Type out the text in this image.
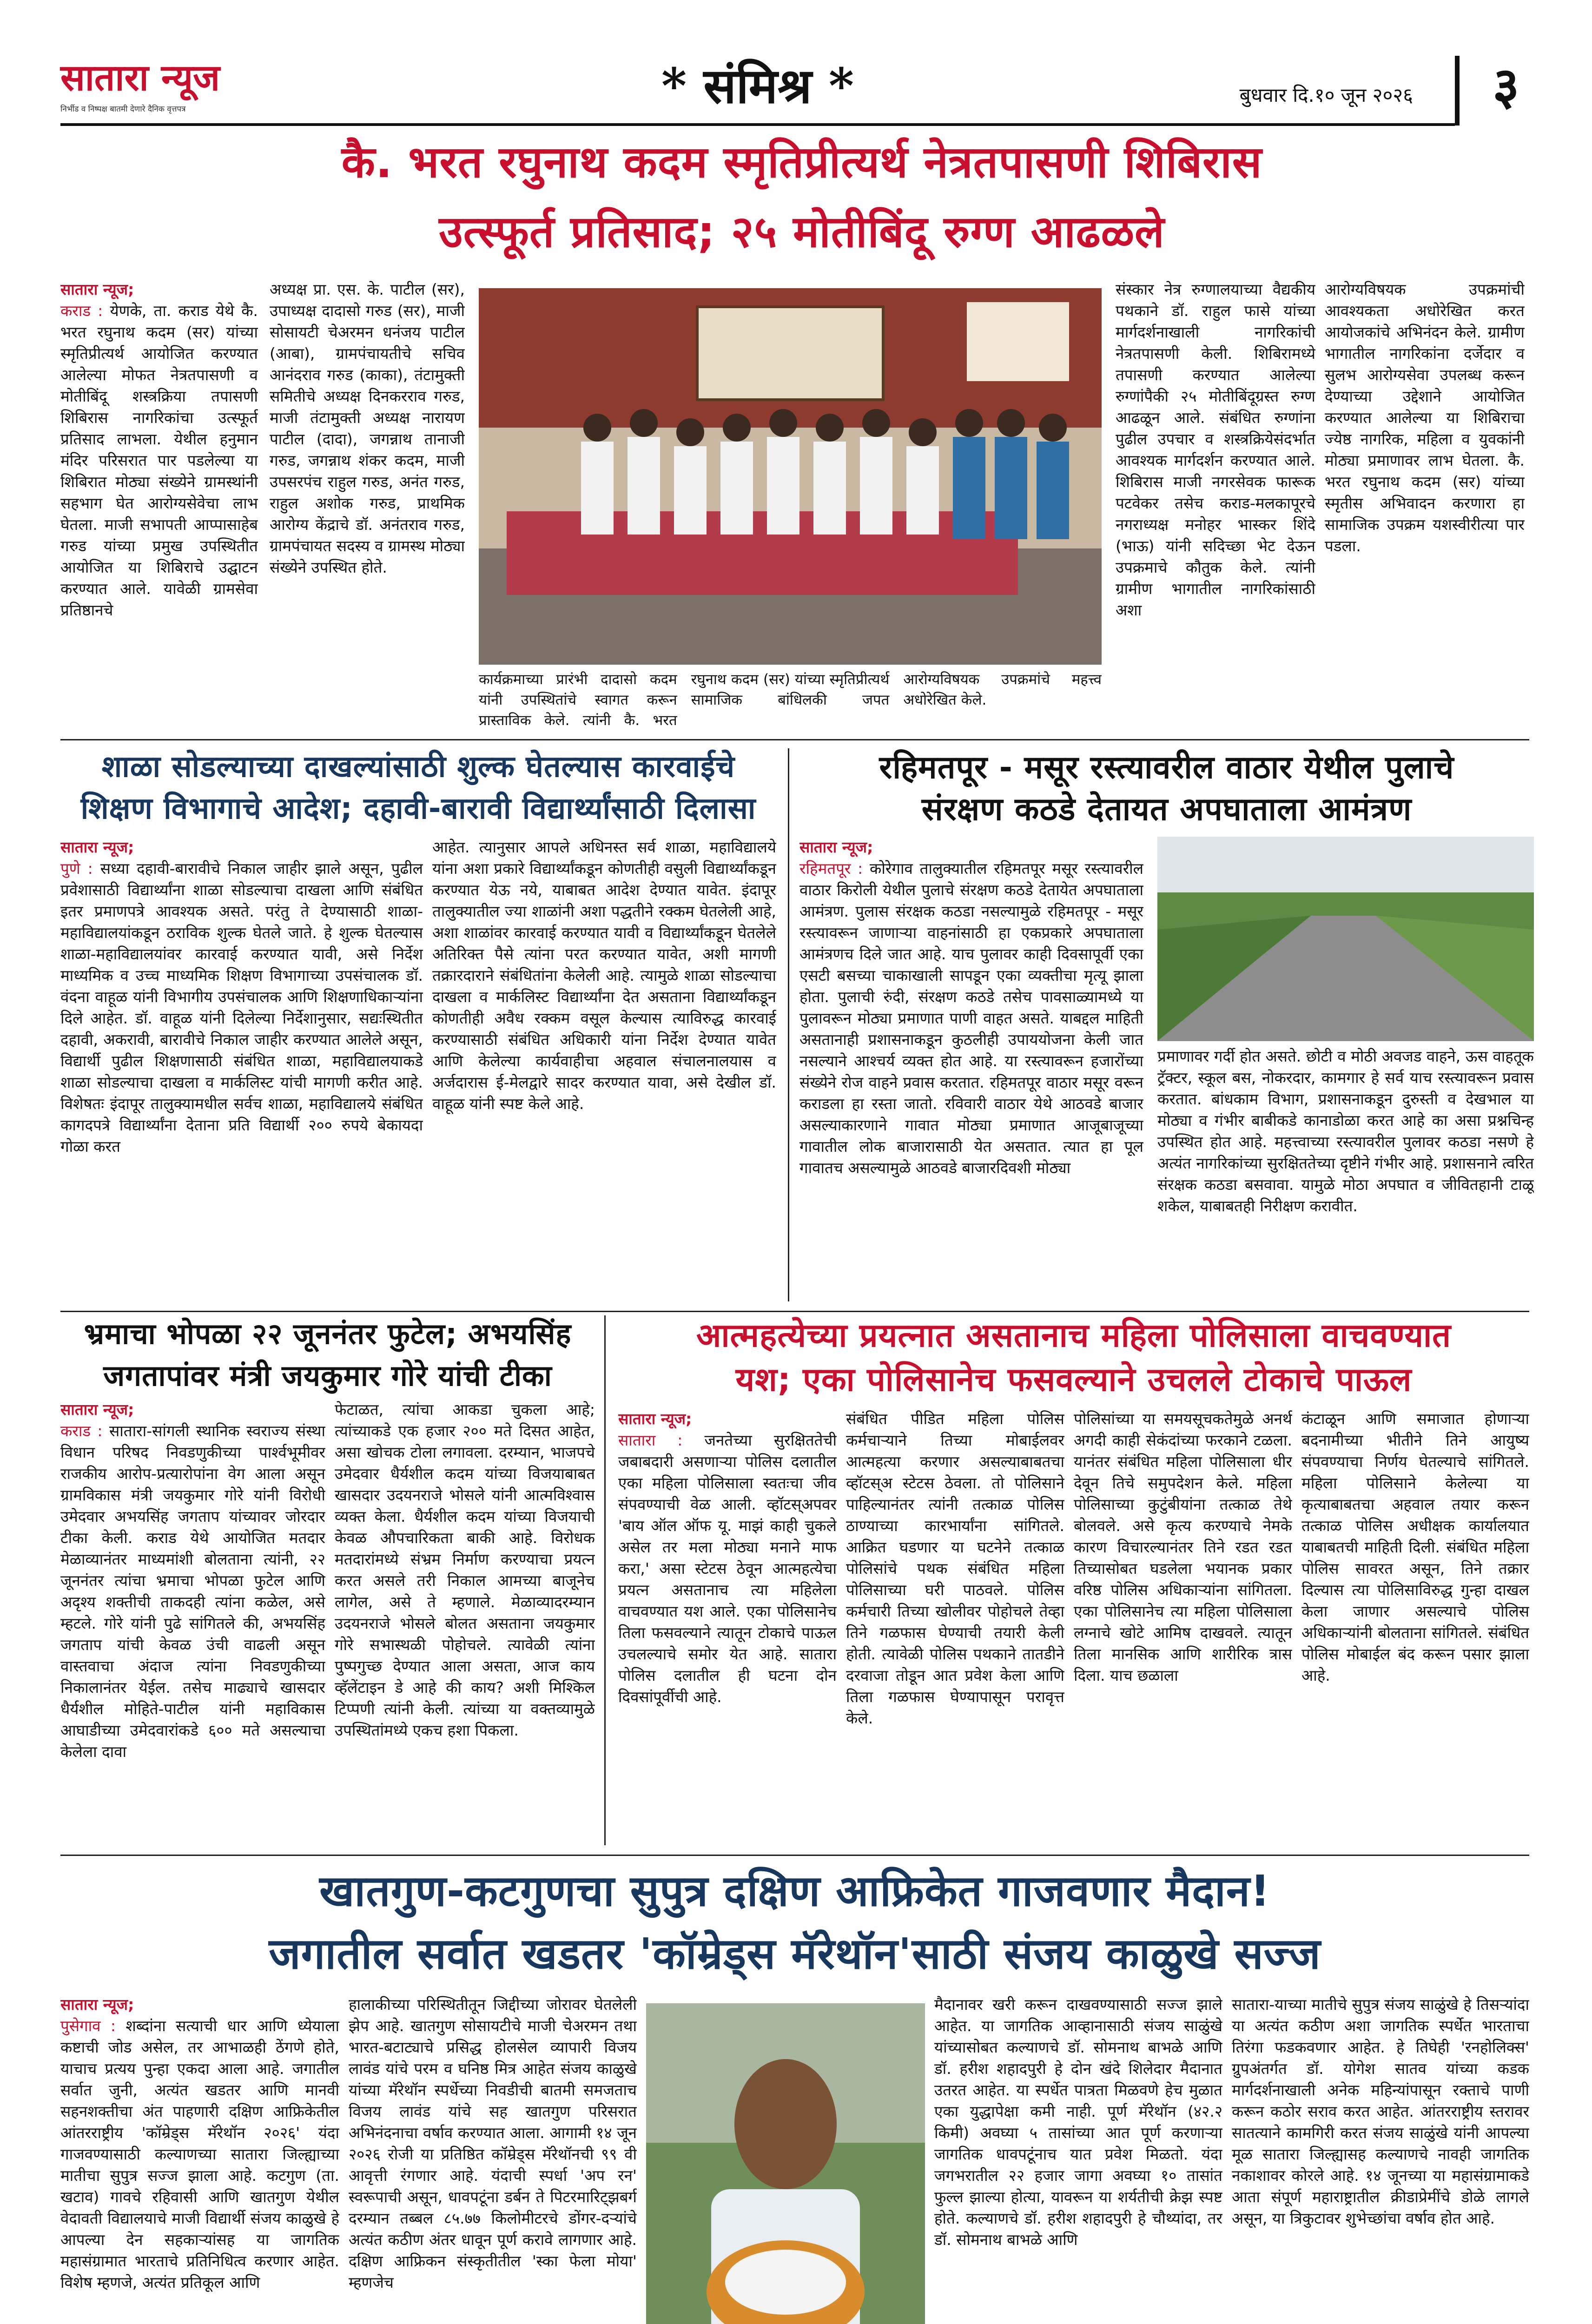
सातारा न्यूज
निर्भीड व निष्पक्ष बातमी देणारे दैनिक वृत्तपत्र	* संमिश्र *	बुधवार दि.१० जून २०२६	३
कै. भरत रघुनाथ कदम स्मृतिप्रीत्यर्थ नेत्रतपासणी शिबिरास
उत्स्फूर्त प्रतिसाद; २५ मोतीबिंदू रुग्ण आढळले

सातारा न्यूज;
कराड : येणके, ता. कराड येथे कै. भरत रघुनाथ कदम (सर) यांच्या स्मृतिप्रीत्यर्थ आयोजित करण्यात आलेल्या मोफत नेत्रतपासणी व मोतीबिंदू शस्त्रक्रिया तपासणी शिबिरास नागरिकांचा उत्स्फूर्त प्रतिसाद लाभला. येथील हनुमान मंदिर परिसरात पार पडलेल्या या शिबिरात मोठ्या संख्येने ग्रामस्थांनी सहभाग घेत आरोग्यसेवेचा लाभ घेतला. माजी सभापती आप्पासाहेब गरुड यांच्या प्रमुख उपस्थितीत आयोजित या शिबिराचे उद्घाटन करण्यात आले. यावेळी ग्रामसेवा प्रतिष्ठानचे

अध्यक्ष प्रा. एस. के. पाटील (सर), उपाध्यक्ष दादासो गरुड (सर), माजी सोसायटी चेअरमन धनंजय पाटील (आबा), ग्रामपंचायतीचे सचिव आनंदराव गरुड (काका), तंटामुक्ती समितीचे अध्यक्ष दिनकरराव गरुड, माजी तंटामुक्ती अध्यक्ष नारायण पाटील (दादा), जगन्नाथ तानाजी गरुड, जगन्नाथ शंकर कदम, माजी उपसरपंच राहुल गरुड, अनंत गरुड, राहुल अशोक गरुड, प्राथमिक आरोग्य केंद्राचे डॉ. अनंतराव गरुड, ग्रामपंचायत सदस्य व ग्रामस्थ मोठ्या संख्येने उपस्थित होते.

कार्यक्रमाच्या प्रारंभी दादासो कदम यांनी उपस्थितांचे स्वागत करून प्रास्ताविक केले. त्यांनी कै. भरत रघुनाथ कदम (सर) यांच्या स्मृतिप्रीत्यर्थ सामाजिक बांधिलकी जपत आरोग्यविषयक उपक्रमांचे महत्त्व अधोरेखित केले.

संस्कार नेत्र रुग्णालयाच्या वैद्यकीय पथकाने डॉ. राहुल फासे यांच्या मार्गदर्शनाखाली नागरिकांची नेत्रतपासणी केली. शिबिरामध्ये तपासणी करण्यात आलेल्या रुग्णांपैकी २५ मोतीबिंदूग्रस्त रुग्ण आढळून आले. संबंधित रुग्णांना पुढील उपचार व शस्त्रक्रियेसंदर्भात आवश्यक मार्गदर्शन करण्यात आले. शिबिरास माजी नगरसेवक फारूक पटवेकर तसेच कराड-मलकापूरचे नगराध्यक्ष मनोहर भास्कर शिंदे (भाऊ) यांनी सदिच्छा भेट देऊन उपक्रमाचे कौतुक केले. त्यांनी ग्रामीण भागातील नागरिकांसाठी अशा

आरोग्यविषयक उपक्रमांची आवश्यकता अधोरेखित करत आयोजकांचे अभिनंदन केले. ग्रामीण भागातील नागरिकांना दर्जेदार व सुलभ आरोग्यसेवा उपलब्ध करून देण्याच्या उद्देशाने आयोजित करण्यात आलेल्या या शिबिराचा ज्येष्ठ नागरिक, महिला व युवकांनी मोठ्या प्रमाणावर लाभ घेतला. कै. भरत रघुनाथ कदम (सर) यांच्या स्मृतीस अभिवादन करणारा हा सामाजिक उपक्रम यशस्वीरीत्या पार पडला.

शाळा सोडल्याच्या दाखल्यांसाठी शुल्क घेतल्यास कारवाईचे
शिक्षण विभागाचे आदेश; दहावी-बारावी विद्यार्थ्यांसाठी दिलासा

सातारा न्यूज;
पुणे : सध्या दहावी-बारावीचे निकाल जाहीर झाले असून, पुढील प्रवेशासाठी विद्यार्थ्यांना शाळा सोडल्याचा दाखला आणि संबंधित इतर प्रमाणपत्रे आवश्यक असते. परंतु ते देण्यासाठी शाळा-महाविद्यालयांकडून ठराविक शुल्क घेतले जाते. हे शुल्क घेतल्यास शाळा-महाविद्यालयांवर कारवाई करण्यात यावी, असे निर्देश माध्यमिक व उच्च माध्यमिक शिक्षण विभागाच्या उपसंचालक डॉ. वंदना वाहूळ यांनी विभागीय उपसंचालक आणि शिक्षणाधिकाऱ्यांना दिले आहेत. डॉ. वाहूळ यांनी दिलेल्या निर्देशानुसार, सद्यःस्थितीत दहावी, अकरावी, बारावीचे निकाल जाहीर करण्यात आलेले असून, विद्यार्थी पुढील शिक्षणासाठी संबंधित शाळा, महाविद्यालयाकडे शाळा सोडल्याचा दाखला व मार्कलिस्ट यांची मागणी करीत आहे. विशेषतः इंदापूर तालुक्यामधील सर्वच शाळा, महाविद्यालये संबंधित कागदपत्रे विद्यार्थ्यांना देताना प्रति विद्यार्थी २०० रुपये बेकायदा गोळा करत

आहेत. त्यानुसार आपले अधिनस्त सर्व शाळा, महाविद्यालये यांना अशा प्रकारे विद्यार्थ्यांकडून कोणतीही वसुली विद्यार्थ्यांकडून करण्यात येऊ नये, याबाबत आदेश देण्यात यावेत. इंदापूर तालुक्यातील ज्या शाळांनी अशा पद्धतीने रक्कम घेतलेली आहे, अशा शाळांवर कारवाई करण्यात यावी व विद्यार्थ्यांकडून घेतलेले अतिरिक्त पैसे त्यांना परत करण्यात यावेत, अशी मागणी तक्रारदाराने संबंधितांना केलेली आहे. त्यामुळे शाळा सोडल्याचा दाखला व मार्कलिस्ट विद्यार्थ्यांना देत असताना विद्यार्थ्यांकडून कोणतीही अवैध रक्कम वसूल केल्यास त्याविरुद्ध कारवाई करण्यासाठी संबंधित अधिकारी यांना निर्देश देण्यात यावेत आणि केलेल्या कार्यवाहीचा अहवाल संचालनालयास व अर्जदारास ई-मेलद्वारे सादर करण्यात यावा, असे देखील डॉ. वाहूळ यांनी स्पष्ट केले आहे.

रहिमतपूर - मसूर रस्त्यावरील वाठार येथील पुलाचे
संरक्षण कठडे देतायत अपघाताला आमंत्रण

सातारा न्यूज;
रहिमतपूर : कोरेगाव तालुक्यातील रहिमतपूर मसूर रस्त्यावरील वाठार किरोली येथील पुलाचे संरक्षण कठडे देतायेत अपघाताला आमंत्रण. पुलास संरक्षक कठडा नसल्यामुळे रहिमतपूर - मसूर रस्त्यावरून जाणाऱ्या वाहनांसाठी हा एकप्रकारे अपघाताला आमंत्रणच दिले जात आहे. याच पुलावर काही दिवसापूर्वी एका एसटी बसच्या चाकाखाली सापडून एका व्यक्तीचा मृत्यू झाला होता. पुलाची रुंदी, संरक्षण कठडे तसेच पावसाळ्यामध्ये या पुलावरून मोठ्या प्रमाणात पाणी वाहत असते. याबद्दल माहिती असतानाही प्रशासनाकडून कुठलीही उपाययोजना केली जात नसल्याने आश्चर्य व्यक्त होत आहे. या रस्त्यावरून हजारोंच्या संख्येने रोज वाहने प्रवास करतात. रहिमतपूर वाठार मसूर वरून कराडला हा रस्ता जातो. रविवारी वाठार येथे आठवडे बाजार असल्याकारणाने गावात मोठ्या प्रमाणात आजूबाजूच्या गावातील लोक बाजारासाठी येत असतात. त्यात हा पूल गावातच असल्यामुळे आठवडे बाजारदिवशी मोठ्या

प्रमाणावर गर्दी होत असते. छोटी व मोठी अवजड वाहने, ऊस वाहतूक ट्रॅक्टर, स्कूल बस, नोकरदार, कामगार हे सर्व याच रस्त्यावरून प्रवास करतात. बांधकाम विभाग, प्रशासनाकडून दुरुस्ती व देखभाल या मोठ्या व गंभीर बाबीकडे कानाडोळा करत आहे का असा प्रश्नचिन्ह उपस्थित होत आहे. महत्त्वाच्या रस्त्यावरील पुलावर कठडा नसणे हे अत्यंत नागरिकांच्या सुरक्षिततेच्या दृष्टीने गंभीर आहे. प्रशासनाने त्वरित संरक्षक कठडा बसवावा. यामुळे मोठा अपघात व जीवितहानी टाळू शकेल, याबाबतही निरीक्षण करावीत.

भ्रमाचा भोपळा २२ जूननंतर फुटेल; अभयसिंह
जगतापांवर मंत्री जयकुमार गोरे यांची टीका

सातारा न्यूज;
कराड : सातारा-सांगली स्थानिक स्वराज्य संस्था विधान परिषद निवडणुकीच्या पार्श्वभूमीवर राजकीय आरोप-प्रत्यारोपांना वेग आला असून ग्रामविकास मंत्री जयकुमार गोरे यांनी विरोधी उमेदवार अभयसिंह जगताप यांच्यावर जोरदार टीका केली. कराड येथे आयोजित मतदार मेळाव्यानंतर माध्यमांशी बोलताना त्यांनी, २२ जूननंतर त्यांचा भ्रमाचा भोपळा फुटेल आणि अदृश्य शक्तीची ताकदही त्यांना कळेल, असे म्हटले. गोरे यांनी पुढे सांगितले की, अभयसिंह जगताप यांची केवळ उंची वाढली असून वास्तवाचा अंदाज त्यांना निवडणुकीच्या निकालानंतर येईल. तसेच माढ्याचे खासदार धैर्यशील मोहिते-पाटील यांनी महाविकास आघाडीच्या उमेदवारांकडे ६०० मते असल्याचा केलेला दावा

फेटाळत, त्यांचा आकडा चुकला आहे; त्यांच्याकडे एक हजार २०० मते दिसत आहेत, असा खोचक टोला लगावला. दरम्यान, भाजपचे उमेदवार धैर्यशील कदम यांच्या विजयाबाबत खासदार उदयनराजे भोसले यांनी आत्मविश्वास व्यक्त केला. धैर्यशील कदम यांच्या विजयाची केवळ औपचारिकता बाकी आहे. विरोधक मतदारांमध्ये संभ्रम निर्माण करण्याचा प्रयत्न करत असले तरी निकाल आमच्या बाजूनेच लागेल, असे ते म्हणाले. मेळाव्यादरम्यान उदयनराजे भोसले बोलत असताना जयकुमार गोरे सभास्थळी पोहोचले. त्यावेळी त्यांना पुष्पगुच्छ देण्यात आला असता, आज काय व्हॅलेंटाइन डे आहे की काय? अशी मिश्किल टिप्पणी त्यांनी केली. त्यांच्या या वक्तव्यामुळे उपस्थितांमध्ये एकच हशा पिकला.

आत्महत्येच्या प्रयत्नात असतानाच महिला पोलिसाला वाचवण्यात
यश; एका पोलिसानेच फसवल्याने उचलले टोकाचे पाऊल

सातारा न्यूज;
सातारा : जनतेच्या सुरक्षिततेची जबाबदारी असणाऱ्या पोलिस दलातील एका महिला पोलिसाला स्वतःचा जीव संपवण्याची वेळ आली. व्हॉटस्अपवर 'बाय ऑल ऑफ यू. माझं काही चुकले असेल तर मला मोठ्या मनाने माफ करा,' असा स्टेटस ठेवून आत्महत्येचा प्रयत्न असतानाच त्या महिलेला वाचवण्यात यश आले. एका पोलिसानेच तिला फसवल्याने त्यातून टोकाचे पाऊल उचलल्याचे समोर येत आहे. सातारा पोलिस दलातील ही घटना दोन दिवसांपूर्वीची आहे.

संबंधित पीडित महिला पोलिस कर्मचाऱ्याने तिच्या मोबाईलवर आत्महत्या करणार असल्याबाबतचा व्हॉटस्अ स्टेटस ठेवला. तो पोलिसाने पाहिल्यानंतर त्यांनी तत्काळ पोलिस ठाण्याच्या कारभार्यांना सांगितले. आक्रित घडणार या घटनेने तत्काळ पोलिसांचे पथक संबंधित महिला पोलिसाच्या घरी पाठवले. पोलिस कर्मचारी तिच्या खोलीवर पोहोचले तेव्हा तिने गळफास घेण्याची तयारी केली होती. त्यावेळी पोलिस पथकाने तातडीने दरवाजा तोडून आत प्रवेश केला आणि तिला गळफास घेण्यापासून परावृत्त केले.

पोलिसांच्या या समयसूचकतेमुळे अनर्थ अगदी काही सेकंदांच्या फरकाने टळला. यानंतर संबंधित महिला पोलिसाला धीर देवून तिचे समुपदेशन केले. महिला पोलिसाच्या कुटुंबीयांना तत्काळ तेथे बोलवले. असे कृत्य करण्याचे नेमके कारण विचारल्यानंतर तिने रडत रडत तिच्यासोबत घडलेला भयानक प्रकार वरिष्ठ पोलिस अधिकाऱ्यांना सांगितला. एका पोलिसानेच त्या महिला पोलिसाला लग्नाचे खोटे आमिष दाखवले. त्यातून तिला मानसिक आणि शारीरिक त्रास दिला. याच छळाला

कंटाळून आणि समाजात होणाऱ्या बदनामीच्या भीतीने तिने आयुष्य संपवण्याचा निर्णय घेतल्याचे सांगितले. महिला पोलिसाने केलेल्या या कृत्याबाबतचा अहवाल तयार करून तत्काळ पोलिस अधीक्षक कार्यालयात याबाबतची माहिती दिली. संबंधित महिला पोलिस सावरत असून, तिने तक्रार दिल्यास त्या पोलिसाविरुद्ध गुन्हा दाखल केला जाणार असल्याचे पोलिस अधिकाऱ्यांनी बोलताना सांगितले. संबंधित पोलिस मोबाईल बंद करून पसार झाला आहे.

खातगुण-कटगुणचा सुपुत्र दक्षिण आफ्रिकेत गाजवणार मैदान!
जगातील सर्वात खडतर 'कॉम्रेड्स मॅरेथॉन'साठी संजय काळुखे सज्ज

सातारा न्यूज;
पुसेगाव : शब्दांना सत्याची धार आणि ध्येयाला कष्टाची जोड असेल, तर आभाळही ठेंगणे होते, याचाच प्रत्यय पुन्हा एकदा आला आहे. जगातील सर्वात जुनी, अत्यंत खडतर आणि मानवी सहनशक्तीचा अंत पाहणारी दक्षिण आफ्रिकेतील आंतरराष्ट्रीय 'कॉम्रेड्स मॅरेथॉन २०२६' यंदा गाजवण्यासाठी कल्याणच्या सातारा जिल्ह्याच्या मातीचा सुपुत्र सज्ज झाला आहे. कटगुण (ता. खटाव) गावचे रहिवासी आणि खातगुण येथील वेदावती विद्यालयाचे माजी विद्यार्थी संजय काळुखे हे आपल्या देन सहकाऱ्यांसह या जागतिक महासंग्रामात भारताचे प्रतिनिधित्व करणार आहेत. विशेष म्हणजे, अत्यंत प्रतिकूल आणि

हालाकीच्या परिस्थितीतून जिद्दीच्या जोरावर घेतलेली झेप आहे. खातगुण सोसायटीचे माजी चेअरमन तथा भारत-बटाट्याचे प्रसिद्ध होलसेल व्यापारी विजय लावंड यांचे परम व घनिष्ठ मित्र आहेत संजय काळुखे यांच्या मॅरेथॉन स्पर्धेच्या निवडीची बातमी समजताच विजय लावंड यांचे सह खातगुण परिसरात अभिनंदनाचा वर्षाव करण्यात आला. आगामी १४ जून २०२६ रोजी या प्रतिष्ठित कॉम्रेड्स मॅरेथॉनची ९९ वी आवृत्ती रंगणार आहे. यंदाची स्पर्धा 'अप रन' स्वरूपाची असून, धावपटूंना डर्बन ते पिटरमारिट्झबर्ग दरम्यान तब्बल ८५.७७ किलोमीटरचे डोंगर-दऱ्यांचे अत्यंत कठीण अंतर धावून पूर्ण करावे लागणार आहे. दक्षिण आफ्रिकन संस्कृतीतील 'स्का फेला मोया' म्हणजेच

मैदानावर खरी करून दाखवण्यासाठी सज्ज झाले आहेत. या जागतिक आव्हानासाठी संजय साळुंखे यांच्यासोबत कल्याणचे डॉ. सोमनाथ बाभळे आणि डॉ. हरीश शहादपुरी हे दोन खंदे शिलेदार मैदानात उतरत आहेत. या स्पर्धेत पात्रता मिळवणे हेच मुळात एका युद्धापेक्षा कमी नाही. पूर्ण मॅरेथॉन (४२.२ किमी) अवघ्या ५ तासांच्या आत पूर्ण करणाऱ्या जागतिक धावपटूंनाच यात प्रवेश मिळतो. यंदा जगभरातील २२ हजार जागा अवघ्या १० तासांत फुल्ल झाल्या होत्या, यावरून या शर्यतीची क्रेझ स्पष्ट होते. कल्याणचे डॉ. हरीश शहादपुरी हे चौथ्यांदा, तर डॉ. सोमनाथ बाभळे आणि

सातारा-याच्या मातीचे सुपुत्र संजय साळुंखे हे तिसऱ्यांदा या अत्यंत कठीण अशा जागतिक स्पर्धेत भारताचा तिरंगा फडकवणार आहेत. हे तिघेही 'रनहोलिक्स' ग्रुपअंतर्गत डॉ. योगेश सातव यांच्या कडक मार्गदर्शनाखाली अनेक महिन्यांपासून रक्ताचे पाणी करून कठोर सराव करत आहेत. आंतरराष्ट्रीय स्तरावर सातत्याने कामगिरी करत संजय साळुंखे यांनी आपल्या मूळ सातारा जिल्ह्यासह कल्याणचे नावही जागतिक नकाशावर कोरले आहे. १४ जूनच्या या महासंग्रामाकडे आता संपूर्ण महाराष्ट्रातील क्रीडाप्रेमींचे डोळे लागले असून, या त्रिकुटावर शुभेच्छांचा वर्षाव होत आहे.
